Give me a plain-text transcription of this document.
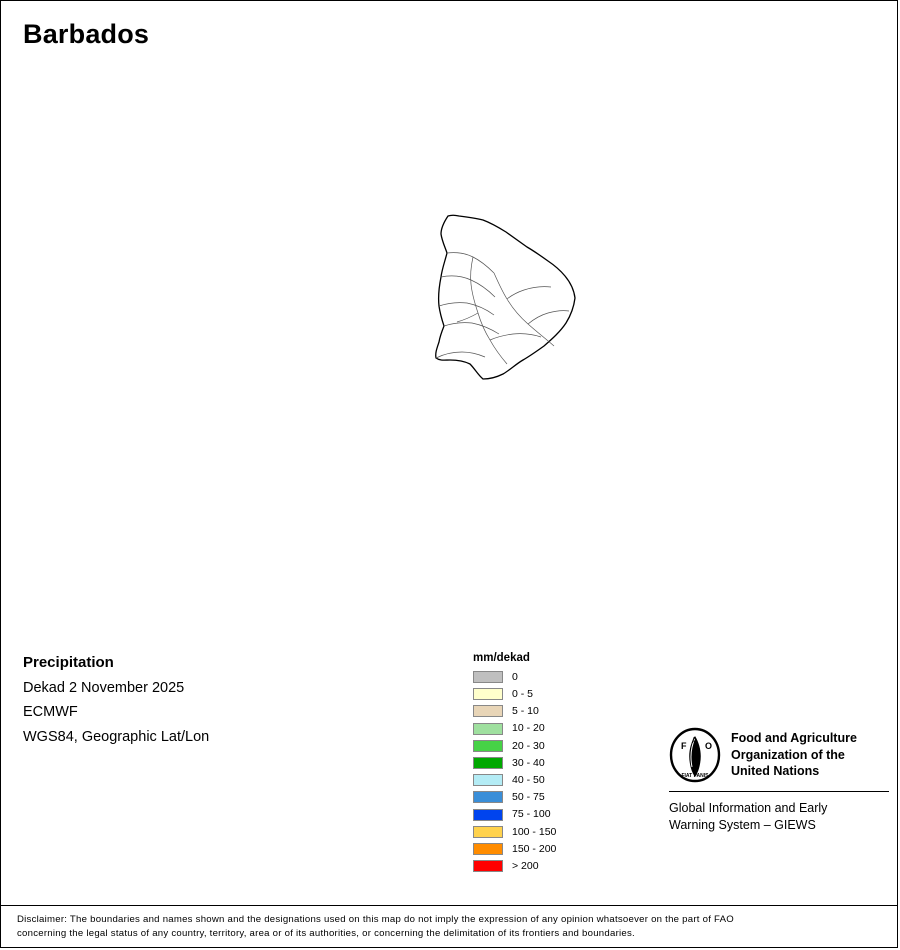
Barbados
Precipitation
Dekad 2 November 2025
ECMWF
WGS84, Geographic Lat/Lon
mm/dekad
0
0 - 5
5 - 10
10 - 20
20 - 30
30 - 40
40 - 50
50 - 75
75 - 100
100 - 150
150 - 200
> 200
F O
A
FIAT PANIS
Food and Agriculture
Organization of the
United Nations
Global Information and Early
Warning System – GIEWS
Disclaimer: The boundaries and names shown and the designations used on this map do not imply the expression of any opinion whatsoever on the part of FAO
concerning the legal status of any country, territory, area or of its authorities, or concerning the delimitation of its frontiers and boundaries.
